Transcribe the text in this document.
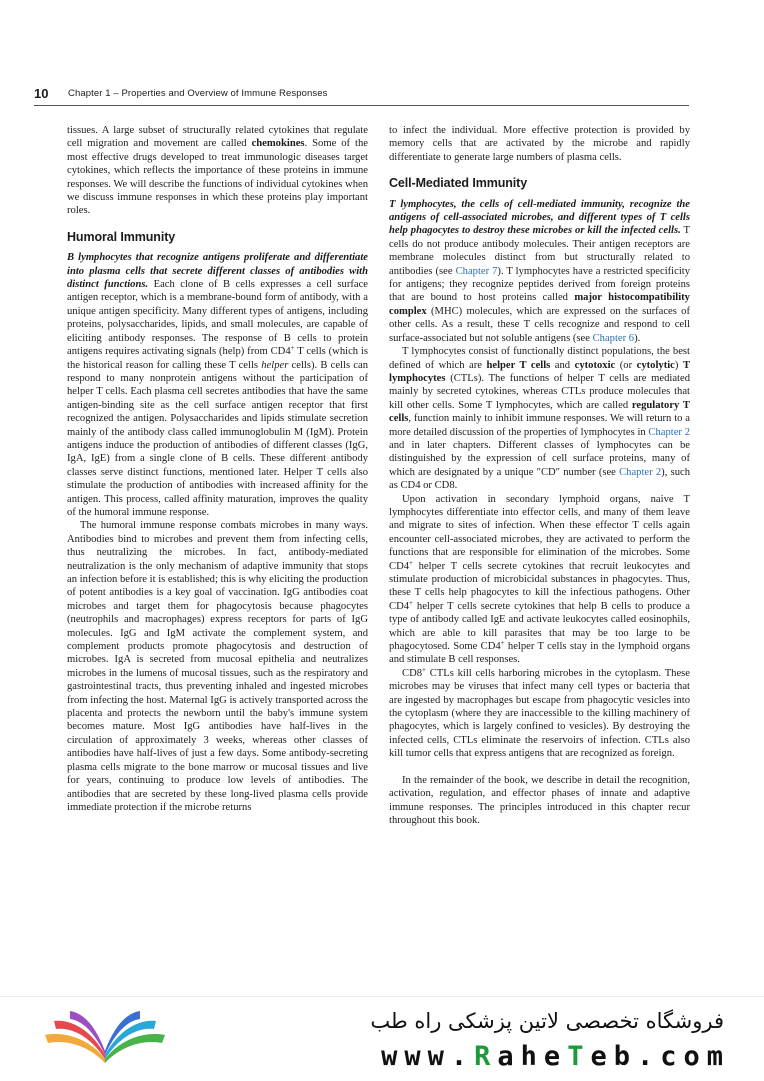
10 Chapter 1 – Properties and Overview of Immune Responses

tissues. A large subset of structurally related cytokines that regulate cell migration and movement are called chemokines. Some of the most effective drugs developed to treat immunologic diseases target cytokines, which reflects the importance of these proteins in immune responses. We will describe the functions of individual cytokines when we discuss immune responses in which these proteins play important roles.

Humoral Immunity

B lymphocytes that recognize antigens proliferate and differentiate into plasma cells that secrete different classes of antibodies with distinct functions. Each clone of B cells expresses a cell surface antigen receptor, which is a membrane-bound form of antibody, with a unique antigen specificity. Many different types of antigens, including proteins, polysaccharides, lipids, and small molecules, are capable of eliciting antibody responses. The response of B cells to protein antigens requires activating signals (help) from CD4+ T cells (which is the historical reason for calling these T cells helper cells). B cells can respond to many nonprotein antigens without the participation of helper T cells. Each plasma cell secretes antibodies that have the same antigen-binding site as the cell surface antigen receptor that first recognized the antigen. Polysaccharides and lipids stimulate secretion mainly of the antibody class called immunoglobulin M (IgM). Protein antigens induce the production of antibodies of different classes (IgG, IgA, IgE) from a single clone of B cells. These different antibody classes serve distinct functions, mentioned later. Helper T cells also stimulate the production of antibodies with increased affinity for the antigen. This process, called affinity maturation, improves the quality of the humoral immune response.

The humoral immune response combats microbes in many ways. Antibodies bind to microbes and prevent them from infecting cells, thus neutralizing the microbes. In fact, antibody-mediated neutralization is the only mechanism of adaptive immunity that stops an infection before it is established; this is why eliciting the production of potent antibodies is a key goal of vaccination. IgG antibodies coat microbes and target them for phagocytosis because phagocytes (neutrophils and macrophages) express receptors for parts of IgG molecules. IgG and IgM activate the complement system, and complement products promote phagocytosis and destruction of microbes. IgA is secreted from mucosal epithelia and neutralizes microbes in the lumens of mucosal tissues, such as the respiratory and gastrointestinal tracts, thus preventing inhaled and ingested microbes from infecting the host. Maternal IgG is actively transported across the placenta and protects the newborn until the baby's immune system becomes mature. Most IgG antibodies have half-lives in the circulation of approximately 3 weeks, whereas other classes of antibodies have half-lives of just a few days. Some antibody-secreting plasma cells migrate to the bone marrow or mucosal tissues and live for years, continuing to produce low levels of antibodies. The antibodies that are secreted by these long-lived plasma cells provide immediate protection if the microbe returns

to infect the individual. More effective protection is provided by memory cells that are activated by the microbe and rapidly differentiate to generate large numbers of plasma cells.

Cell-Mediated Immunity

T lymphocytes, the cells of cell-mediated immunity, recognize the antigens of cell-associated microbes, and different types of T cells help phagocytes to destroy these microbes or kill the infected cells. T cells do not produce antibody molecules. Their antigen receptors are membrane molecules distinct from but structurally related to antibodies (see Chapter 7). T lymphocytes have a restricted specificity for antigens; they recognize peptides derived from foreign proteins that are bound to host proteins called major histocompatibility complex (MHC) molecules, which are expressed on the surfaces of other cells. As a result, these T cells recognize and respond to cell surface-associated but not soluble antigens (see Chapter 6).

T lymphocytes consist of functionally distinct populations, the best defined of which are helper T cells and cytotoxic (or cytolytic) T lymphocytes (CTLs). The functions of helper T cells are mediated mainly by secreted cytokines, whereas CTLs produce molecules that kill other cells. Some T lymphocytes, which are called regulatory T cells, function mainly to inhibit immune responses. We will return to a more detailed discussion of the properties of lymphocytes in Chapter 2 and in later chapters. Different classes of lymphocytes can be distinguished by the expression of cell surface proteins, many of which are designated by a unique "CD" number (see Chapter 2), such as CD4 or CD8.

Upon activation in secondary lymphoid organs, naive T lymphocytes differentiate into effector cells, and many of them leave and migrate to sites of infection. When these effector T cells again encounter cell-associated microbes, they are activated to perform the functions that are responsible for elimination of the microbes. Some CD4+ helper T cells secrete cytokines that recruit leukocytes and stimulate production of microbicidal substances in phagocytes. Thus, these T cells help phagocytes to kill the infectious pathogens. Other CD4+ helper T cells secrete cytokines that help B cells to produce a type of antibody called IgE and activate leukocytes called eosinophils, which are able to kill parasites that may be too large to be phagocytosed. Some CD4+ helper T cells stay in the lymphoid organs and stimulate B cell responses.

CD8+ CTLs kill cells harboring microbes in the cytoplasm. These microbes may be viruses that infect many cell types or bacteria that are ingested by macrophages but escape from phagocytic vesicles into the cytoplasm (where they are inaccessible to the killing machinery of phagocytes, which is largely confined to vesicles). By destroying the infected cells, CTLs eliminate the reservoirs of infection. CTLs also kill tumor cells that express antigens that are recognized as foreign.

In the remainder of the book, we describe in detail the recognition, activation, regulation, and effector phases of innate and adaptive immune responses. The principles introduced in this chapter recur throughout this book.

فروشگاه تخصصی لاتین پزشکی راه طب
www.RaheTeb.com
